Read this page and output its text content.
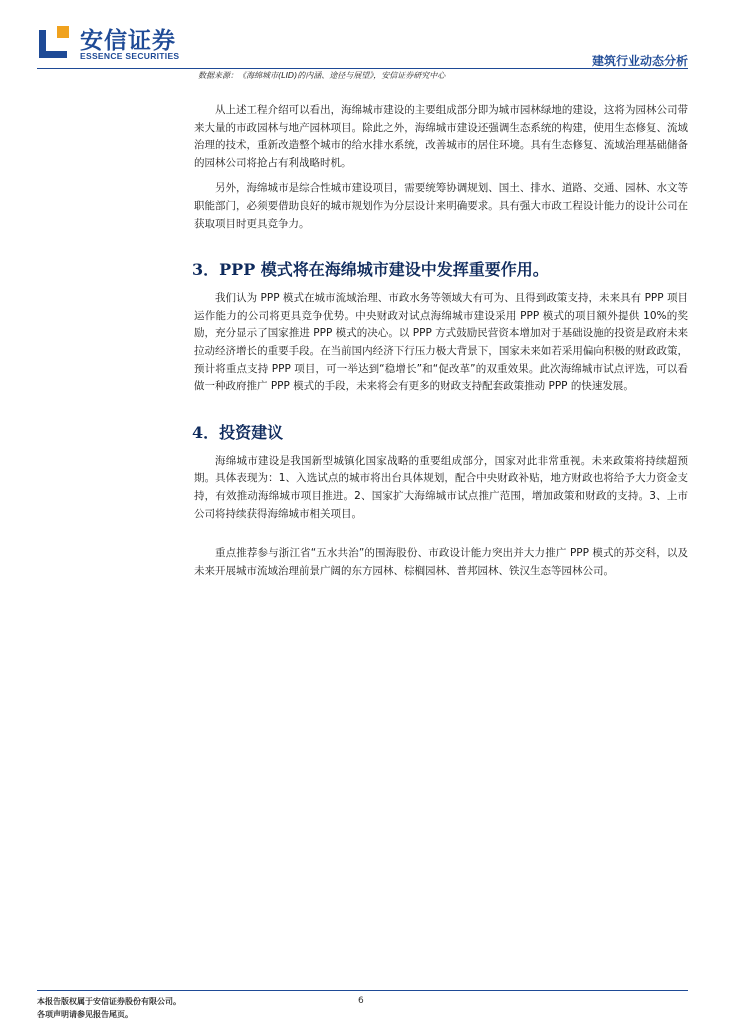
安信证券
ESSENCE SECURITIES	建筑行业动态分析
数据来源：《海绵城市(LID)的内涵、途径与展望》，安信证券研究中心

从上述工程介绍可以看出，海绵城市建设的主要组成部分即为城市园林绿地的建设，这将为园林公司带来大量的市政园林与地产园林项目。除此之外，海绵城市建设还强调生态系统的构建，使用生态修复、流域治理的技术，重新改造整个城市的给水排水系统，改善城市的居住环境。具有生态修复、流域治理基础储备的园林公司将抢占有利战略时机。

另外，海绵城市是综合性城市建设项目，需要统筹协调规划、国土、排水、道路、交通、园林、水文等职能部门，必须要借助良好的城市规划作为分层设计来明确要求。具有强大市政工程设计能力的设计公司在获取项目时更具竞争力。

3．PPP 模式将在海绵城市建设中发挥重要作用。

我们认为 PPP 模式在城市流域治理、市政水务等领域大有可为、且得到政策支持，未来具有 PPP 项目运作能力的公司将更具竞争优势。中央财政对试点海绵城市建设采用 PPP 模式的项目额外提供 10%的奖励，充分显示了国家推进 PPP 模式的决心。以 PPP 方式鼓励民营资本增加对于基础设施的投资是政府未来拉动经济增长的重要手段。在当前国内经济下行压力极大背景下，国家未来如若采用偏向积极的财政政策，预计将重点支持 PPP 项目，可一举达到“稳增长”和“促改革”的双重效果。此次海绵城市试点评选，可以看做一种政府推广 PPP 模式的手段，未来将会有更多的财政支持配套政策推动 PPP 的快速发展。

4．投资建议

海绵城市建设是我国新型城镇化国家战略的重要组成部分，国家对此非常重视。未来政策将持续超预期。具体表现为：1、入选试点的城市将出台具体规划，配合中央财政补贴，地方财政也将给予大力资金支持，有效推动海绵城市项目推进。2、国家扩大海绵城市试点推广范围，增加政策和财政的支持。3、上市公司将持续获得海绵城市相关项目。

重点推荐参与浙江省“五水共治”的围海股份、市政设计能力突出并大力推广 PPP 模式的苏交科，以及未来开展城市流域治理前景广阔的东方园林、棕榈园林、普邦园林、铁汉生态等园林公司。

本报告版权属于安信证券股份有限公司。
各项声明请参见报告尾页。
6
